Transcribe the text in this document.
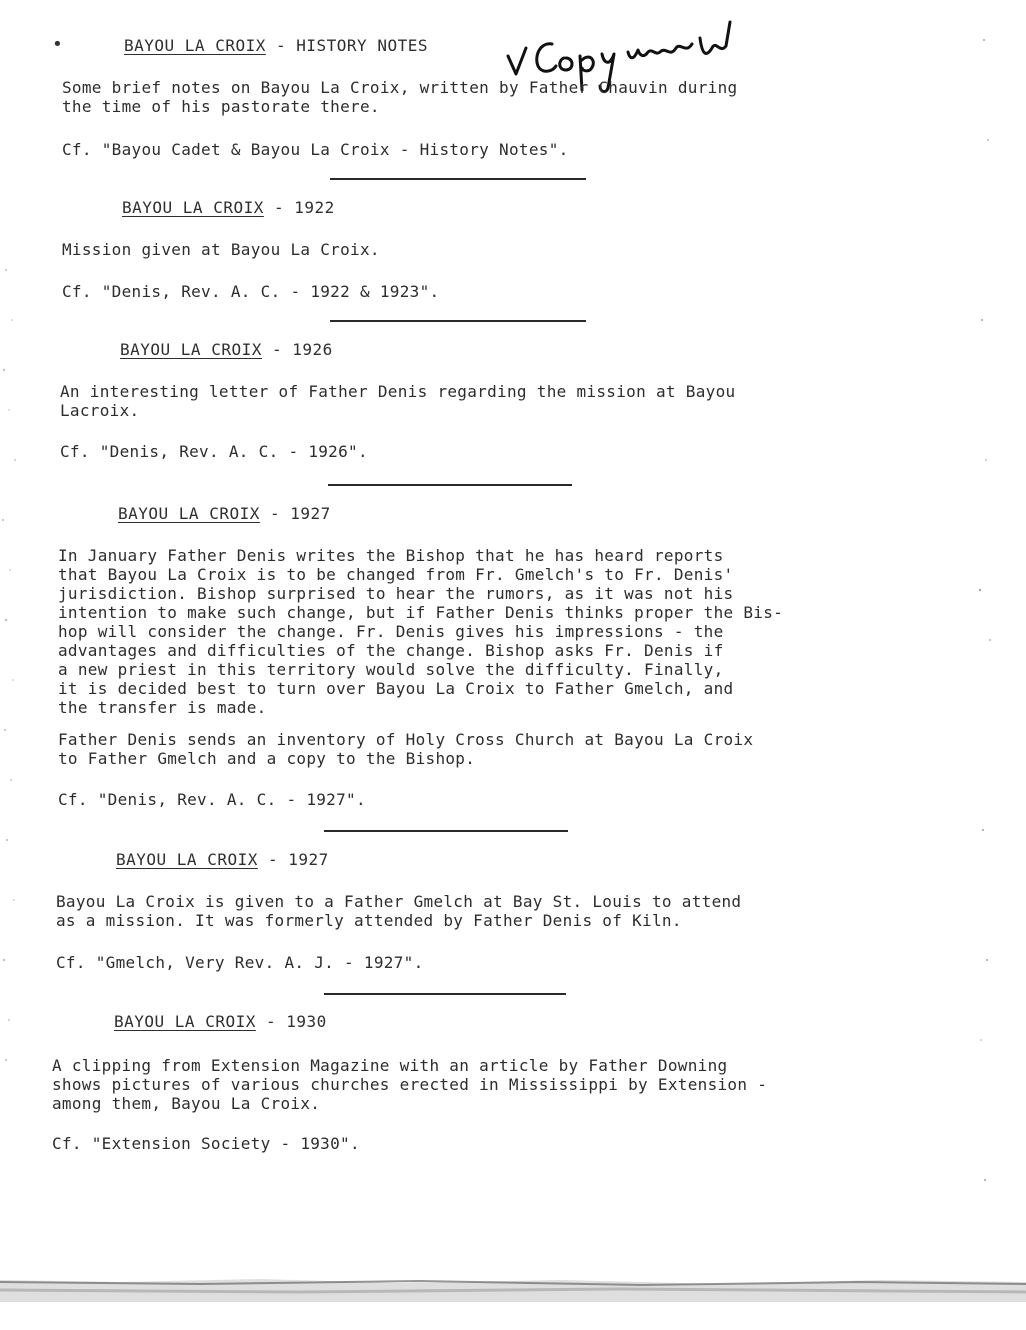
•	BAYOU LA CROIX - HISTORY NOTES
Some brief notes on Bayou La Croix, written by Father Chauvin during
the time of his pastorate there.
Cf. "Bayou Cadet & Bayou La Croix - History Notes".
BAYOU LA CROIX - 1922
Mission given at Bayou La Croix.
Cf. "Denis, Rev. A. C. - 1922 & 1923".
BAYOU LA CROIX - 1926
An interesting letter of Father Denis regarding the mission at Bayou
Lacroix.
Cf. "Denis, Rev. A. C. - 1926".
BAYOU LA CROIX - 1927
In January Father Denis writes the Bishop that he has heard reports
that Bayou La Croix is to be changed from Fr. Gmelch's to Fr. Denis'
jurisdiction. Bishop surprised to hear the rumors, as it was not his
intention to make such change, but if Father Denis thinks proper the Bis-
hop will consider the change. Fr. Denis gives his impressions - the
advantages and difficulties of the change. Bishop asks Fr. Denis if
a new priest in this territory would solve the difficulty. Finally,
it is decided best to turn over Bayou La Croix to Father Gmelch, and
the transfer is made.
Father Denis sends an inventory of Holy Cross Church at Bayou La Croix
to Father Gmelch and a copy to the Bishop.
Cf. "Denis, Rev. A. C. - 1927".
BAYOU LA CROIX - 1927
Bayou La Croix is given to a Father Gmelch at Bay St. Louis to attend
as a mission. It was formerly attended by Father Denis of Kiln.
Cf. "Gmelch, Very Rev. A. J. - 1927".
BAYOU LA CROIX - 1930
A clipping from Extension Magazine with an article by Father Downing
shows pictures of various churches erected in Mississippi by Extension -
among them, Bayou La Croix.
Cf. "Extension Society - 1930".
